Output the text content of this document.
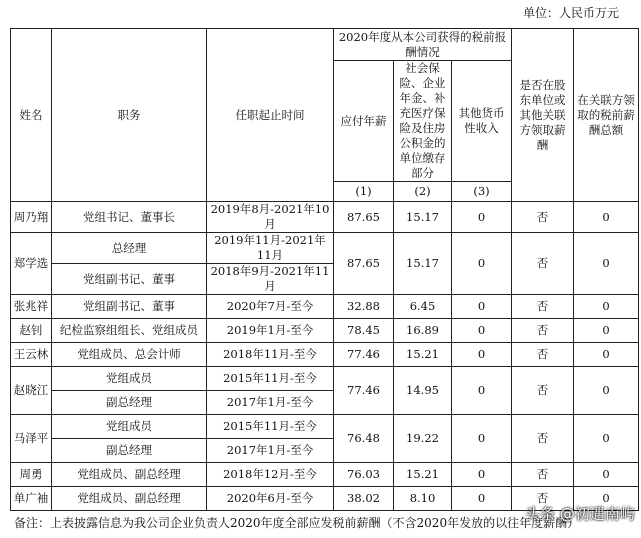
单位：人民币万元
姓名	职务	任职起止时间	2020年度从本公司获得的税前报酬情况			是否在股东单位或其他关联方领取薪酬	在关联方领取的税前薪酬总额
			应付年薪	社会保险、企业年金、补充医疗保险及住房公积金的单位缴存部分	其他货币性收入		
			(1)	(2)	(3)		
周乃翔	党组书记、董事长	2019年8月-2021年10月	87.65	15.17	0	否	0
郑学选	总经理	2019年11月-2021年11月	87.65	15.17	0	否	0
	党组副书记、董事	2018年9月-2021年11月					
张兆祥	党组副书记、董事	2020年7月-至今	32.88	6.45	0	否	0
赵钊	纪检监察组组长、党组成员	2019年1月-至今	78.45	16.89	0	否	0
王云林	党组成员、总会计师	2018年11月-至今	77.46	15.21	0	否	0
赵晓江	党组成员	2015年11月-至今	77.46	14.95	0	否	0
	副总经理	2017年1月-至今					
马泽平	党组成员	2015年11月-至今	76.48	19.22	0	否	0
	副总经理	2017年1月-至今					
周勇	党组成员、副总经理	2018年12月-至今	76.03	15.21	0	否	0
单广袖	党组成员、副总经理	2020年6月-至今	38.02	8.10	0	否	0
备注：上表披露信息为我公司企业负责人2020年度全部应发税前薪酬（不含2020年发放的以往年度薪酬）
头条 @初遇南屿
